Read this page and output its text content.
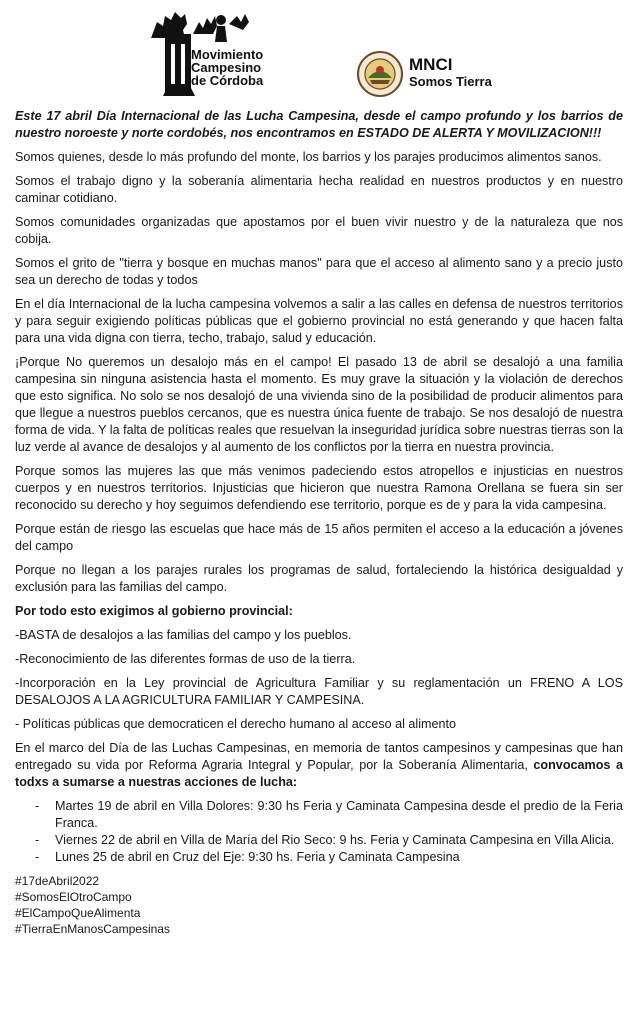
Movimiento
Campesino
de Córdoba
MNCI
Somos Tierra

Este 17 abril Día Internacional de las Lucha Campesina, desde el campo profundo y los barrios de nuestro noroeste y norte cordobés, nos encontramos en ESTADO DE ALERTA Y MOVILIZACION!!!

Somos quienes, desde lo más profundo del monte, los barrios y los parajes producimos alimentos sanos.

Somos el trabajo digno y la soberanía alimentaria hecha realidad en nuestros productos y en nuestro caminar cotidiano.

Somos comunidades organizadas que apostamos por el buen vivir nuestro y de la naturaleza que nos cobija.

Somos el grito de "tierra y bosque en muchas manos" para que el acceso al alimento sano y a precio justo sea un derecho de todas y todos

En el día Internacional de la lucha campesina volvemos a salir a las calles en defensa de nuestros territorios y para seguir exigiendo políticas públicas que el gobierno provincial no está generando y que hacen falta para una vida digna con tierra, techo, trabajo, salud y educación.

¡Porque No queremos un desalojo más en el campo! El pasado 13 de abril se desalojó a una familia campesina sin ninguna asistencia hasta el momento. Es muy grave la situación y la violación de derechos que esto significa. No solo se nos desalojó de una vivienda sino de la posibilidad de producir alimentos para que llegue a nuestros pueblos cercanos, que es nuestra única fuente de trabajo. Se nos desalojó de nuestra forma de vida. Y la falta de políticas reales que resuelvan la inseguridad jurídica sobre nuestras tierras son la luz verde al avance de desalojos y al aumento de los conflictos por la tierra en nuestra provincia.

Porque somos las mujeres las que más venimos padeciendo estos atropellos e injusticias en nuestros cuerpos y en nuestros territorios. Injusticias que hicieron que nuestra Ramona Orellana se fuera sin ser reconocido su derecho y hoy seguimos defendiendo ese territorio, porque es de y para la vida campesina.

Porque están de riesgo las escuelas que hace más de 15 años permiten el acceso a la educación a jóvenes del campo

Porque no llegan a los parajes rurales los programas de salud, fortaleciendo la histórica desigualdad y exclusión para las familias del campo.

Por todo esto exigimos al gobierno provincial:

-BASTA de desalojos a las familias del campo y los pueblos.

-Reconocimiento de las diferentes formas de uso de la tierra.

-Incorporación en la Ley provincial de Agricultura Familiar y su reglamentación un FRENO A LOS DESALOJOS A LA AGRICULTURA FAMILIAR Y CAMPESINA.

- Políticas públicas que democraticen el derecho humano al acceso al alimento

En el marco del Día de las Luchas Campesinas, en memoria de tantos campesinos y campesinas que han entregado su vida por Reforma Agraria Integral y Popular, por la Soberanía Alimentaria, convocamos a todxs a sumarse a nuestras acciones de lucha:

- Martes 19 de abril en Villa Dolores: 9:30 hs Feria y Caminata Campesina desde el predio de la Feria Franca.
- Viernes 22 de abril en Villa de María del Rio Seco: 9 hs. Feria y Caminata Campesina en Villa Alicia.
- Lunes 25 de abril en Cruz del Eje: 9:30 hs. Feria y Caminata Campesina
#17deAbril2022
#SomosElOtroCampo
#ElCampoQueAlimenta
#TierraEnManosCampesinas
